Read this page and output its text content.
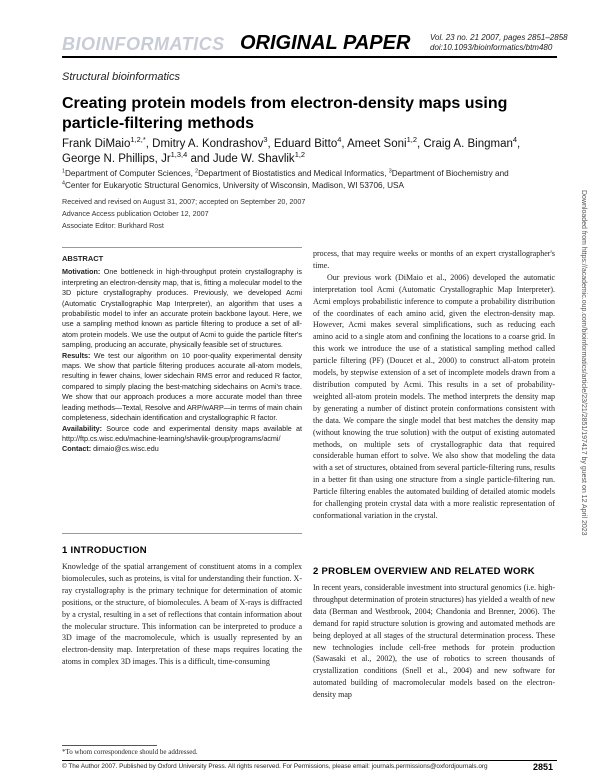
BIOINFORMATICS ORIGINAL PAPER Vol. 23 no. 21 2007, pages 2851–2858
doi:10.1093/bioinformatics/btm480
Structural bioinformatics
Creating protein models from electron-density maps using particle-filtering methods
Frank DiMaio$^{1,2,*}$, Dmitry A. Kondrashov$^3$, Eduard Bitto$^4$, Ameet Soni$^{1,2}$, Craig A. Bingman$^4$, George N. Phillips, Jr$^{1,3,4}$ and Jude W. Shavlik$^{1,2}$
$^1$Department of Computer Sciences, $^2$Department of Biostatistics and Medical Informatics, $^3$Department of Biochemistry and $^4$Center for Eukaryotic Structural Genomics, University of Wisconsin, Madison, WI 53706, USA
Received and revised on August 31, 2007; accepted on September 20, 2007
Advance Access publication October 12, 2007
Associate Editor: Burkhard Rost

ABSTRACT

Motivation: One bottleneck in high-throughput protein crystallography is interpreting an electron-density map, that is, fitting a molecular model to the 3D picture crystallography produces. Previously, we developed Acmi (Automatic Crystallographic Map Interpreter), an algorithm that uses a probabilistic model to infer an accurate protein backbone layout. Here, we use a sampling method known as particle filtering to produce a set of all-atom protein models. We use the output of Acmi to guide the particle filter's sampling, producing an accurate, physically feasible set of structures.

Results: We test our algorithm on 10 poor-quality experimental density maps. We show that particle filtering produces accurate all-atom models, resulting in fewer chains, lower sidechain RMS error and reduced R factor, compared to simply placing the best-matching sidechains on Acmi's trace. We show that our approach produces a more accurate model than three leading methods—Textal, Resolve and ARP/wARP—in terms of main chain completeness, sidechain identification and crystallographic R factor.

Availability: Source code and experimental density maps available at http://ftp.cs.wisc.edu/machine-learning/shavlik-group/programs/acmi/

Contact: dimaio@cs.wisc.edu

1 INTRODUCTION
Knowledge of the spatial arrangement of constituent atoms in a complex biomolecules, such as proteins, is vital for understanding their function. X-ray crystallography is the primary technique for determination of atomic positions, or the structure, of biomolecules. A beam of X-rays is diffracted by a crystal, resulting in a set of reflections that contain information about the molecular structure. This information can be interpreted to produce a 3D image of the macromolecule, which is usually represented by an electron-density map. Interpretation of these maps requires locating the atoms in complex 3D images. This is a difficult, time-consuming

process, that may require weeks or months of an expert crystallographer's time.

Our previous work (DiMaio et al., 2006) developed the automatic interpretation tool Acmi (Automatic Crystallographic Map Interpreter). Acmi employs probabilistic inference to compute a probability distribution of the coordinates of each amino acid, given the electron-density map. However, Acmi makes several simplifications, such as reducing each amino acid to a single atom and confining the locations to a coarse grid. In this work we introduce the use of a statistical sampling method called particle filtering (PF) (Doucet et al., 2000) to construct all-atom protein models, by stepwise extension of a set of incomplete models drawn from a distribution computed by Acmi. This results in a set of probability-weighted all-atom protein models. The method interprets the density map by generating a number of distinct protein conformations consistent with the data. We compare the single model that best matches the density map (without knowing the true solution) with the output of existing automated methods, on multiple sets of crystallographic data that required considerable human effort to solve. We also show that modeling the data with a set of structures, obtained from several particle-filtering runs, results in a better fit than using one structure from a single particle-filtering run. Particle filtering enables the automated building of detailed atomic models for challenging protein crystal data with a more realistic representation of conformational variation in the crystal.

2 PROBLEM OVERVIEW AND RELATED WORK
In recent years, considerable investment into structural genomics (i.e. high-throughput determination of protein structures) has yielded a wealth of new data (Berman and Westbrook, 2004; Chandonia and Brenner, 2006). The demand for rapid structure solution is growing and automated methods are being deployed at all stages of the structural determination process. These new technologies include cell-free methods for protein production (Sawasaki et al., 2002), the use of robotics to screen thousands of crystallization conditions (Snell et al., 2004) and new software for automated building of macromolecular models based on the electron-density map
*To whom correspondence should be addressed.
© The Author 2007. Published by Oxford University Press. All rights reserved. For Permissions, please email: journals.permissions@oxfordjournals.org	2851
Downloaded from https://academic.oup.com/bioinformatics/article/23/21/2851/197417 by guest on 12 April 2023
